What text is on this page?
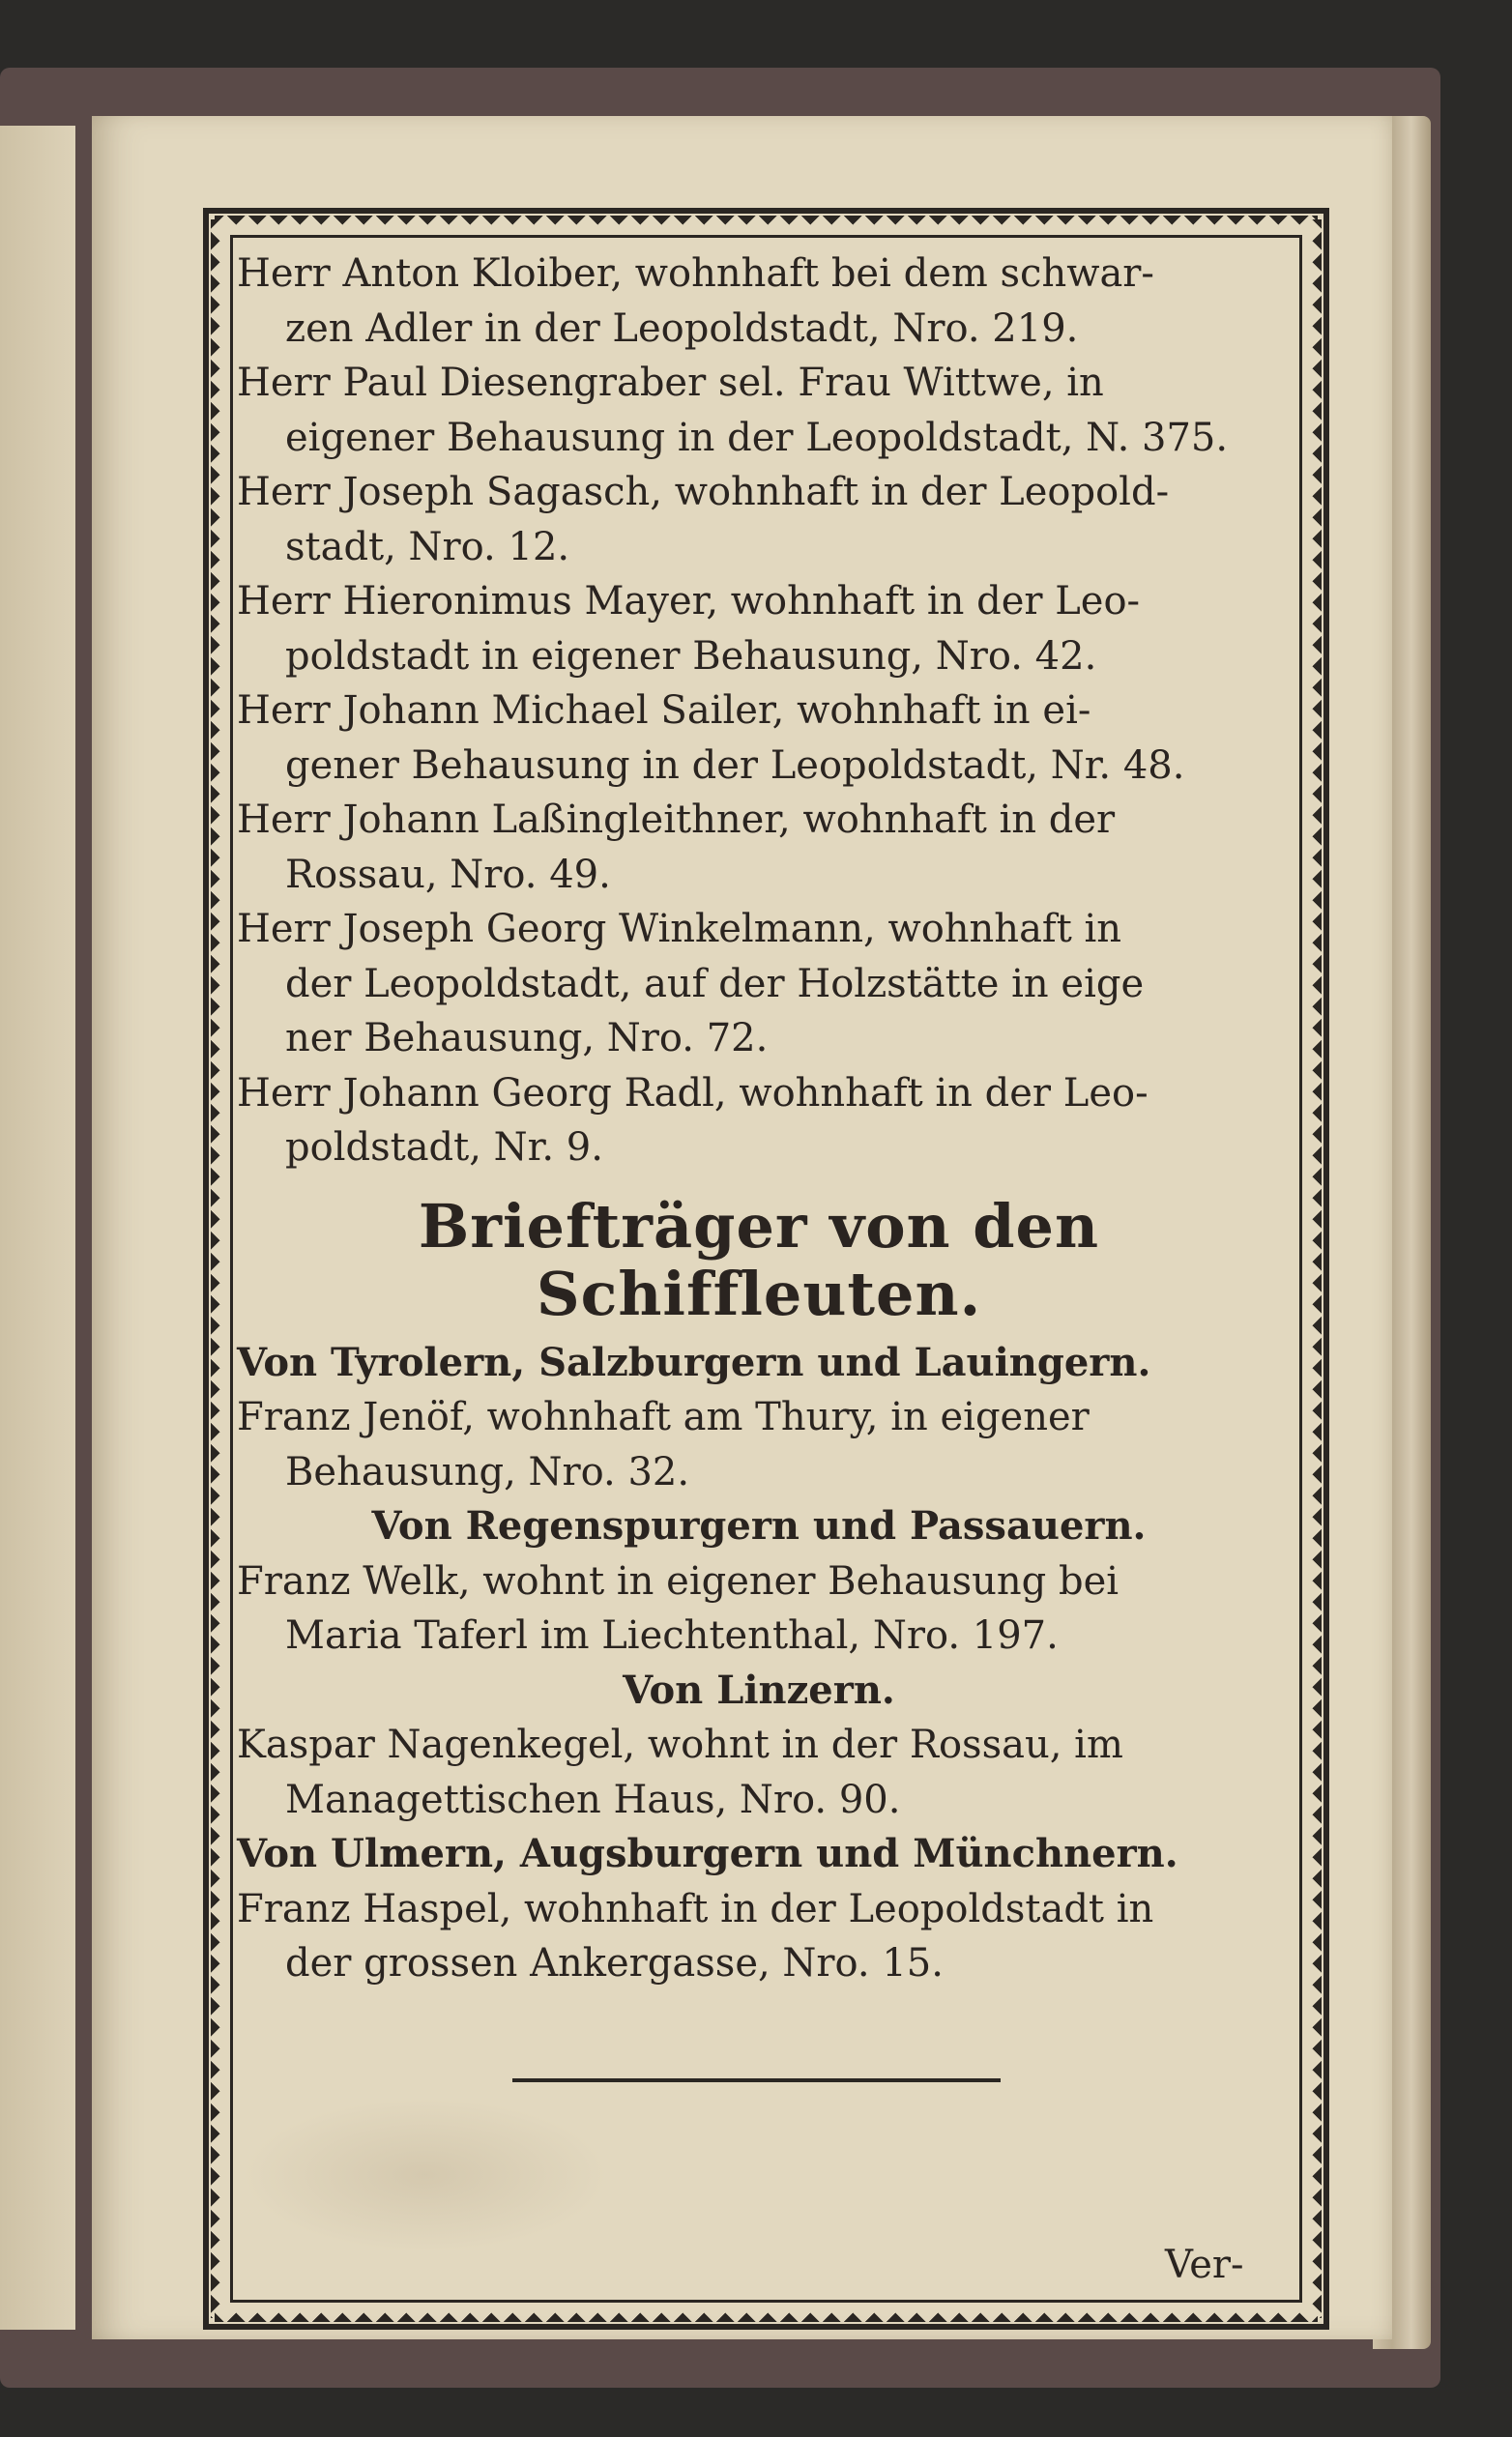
Herr Anton Kloiber, wohnhaft bei dem schwar-
zen Adler in der Leopoldstadt, Nro. 219.

Herr Paul Diesengraber sel. Frau Wittwe, in
eigener Behausung in der Leopoldstadt, N. 375.

Herr Joseph Sagasch, wohnhaft in der Leopold-
stadt, Nro. 12.

Herr Hieronimus Mayer, wohnhaft in der Leo-
poldstadt in eigener Behausung, Nro. 42.

Herr Johann Michael Sailer, wohnhaft in ei-
gener Behausung in der Leopoldstadt, Nr. 48.

Herr Johann Laßingleithner, wohnhaft in der
Rossau, Nro. 49.

Herr Joseph Georg Winkelmann, wohnhaft in
der Leopoldstadt, auf der Holzstätte in eige
ner Behausung, Nro. 72.

Herr Johann Georg Radl, wohnhaft in der Leo-
poldstadt, Nr. 9.

Briefträger von den Schiffleuten.
Von Tyrolern, Salzburgern und Lauingern.

Franz Jenöf, wohnhaft am Thury, in eigener
Behausung, Nro. 32.

Von Regenspurgern und Passauern.

Franz Welk, wohnt in eigener Behausung bei
Maria Taferl im Liechtenthal, Nro. 197.

Von Linzern.

Kaspar Nagenkegel, wohnt in der Rossau, im
Managettischen Haus, Nro. 90.

Von Ulmern, Augsburgern und Münchnern.

Franz Haspel, wohnhaft in der Leopoldstadt in
der grossen Ankergasse, Nro. 15.

Ver-
